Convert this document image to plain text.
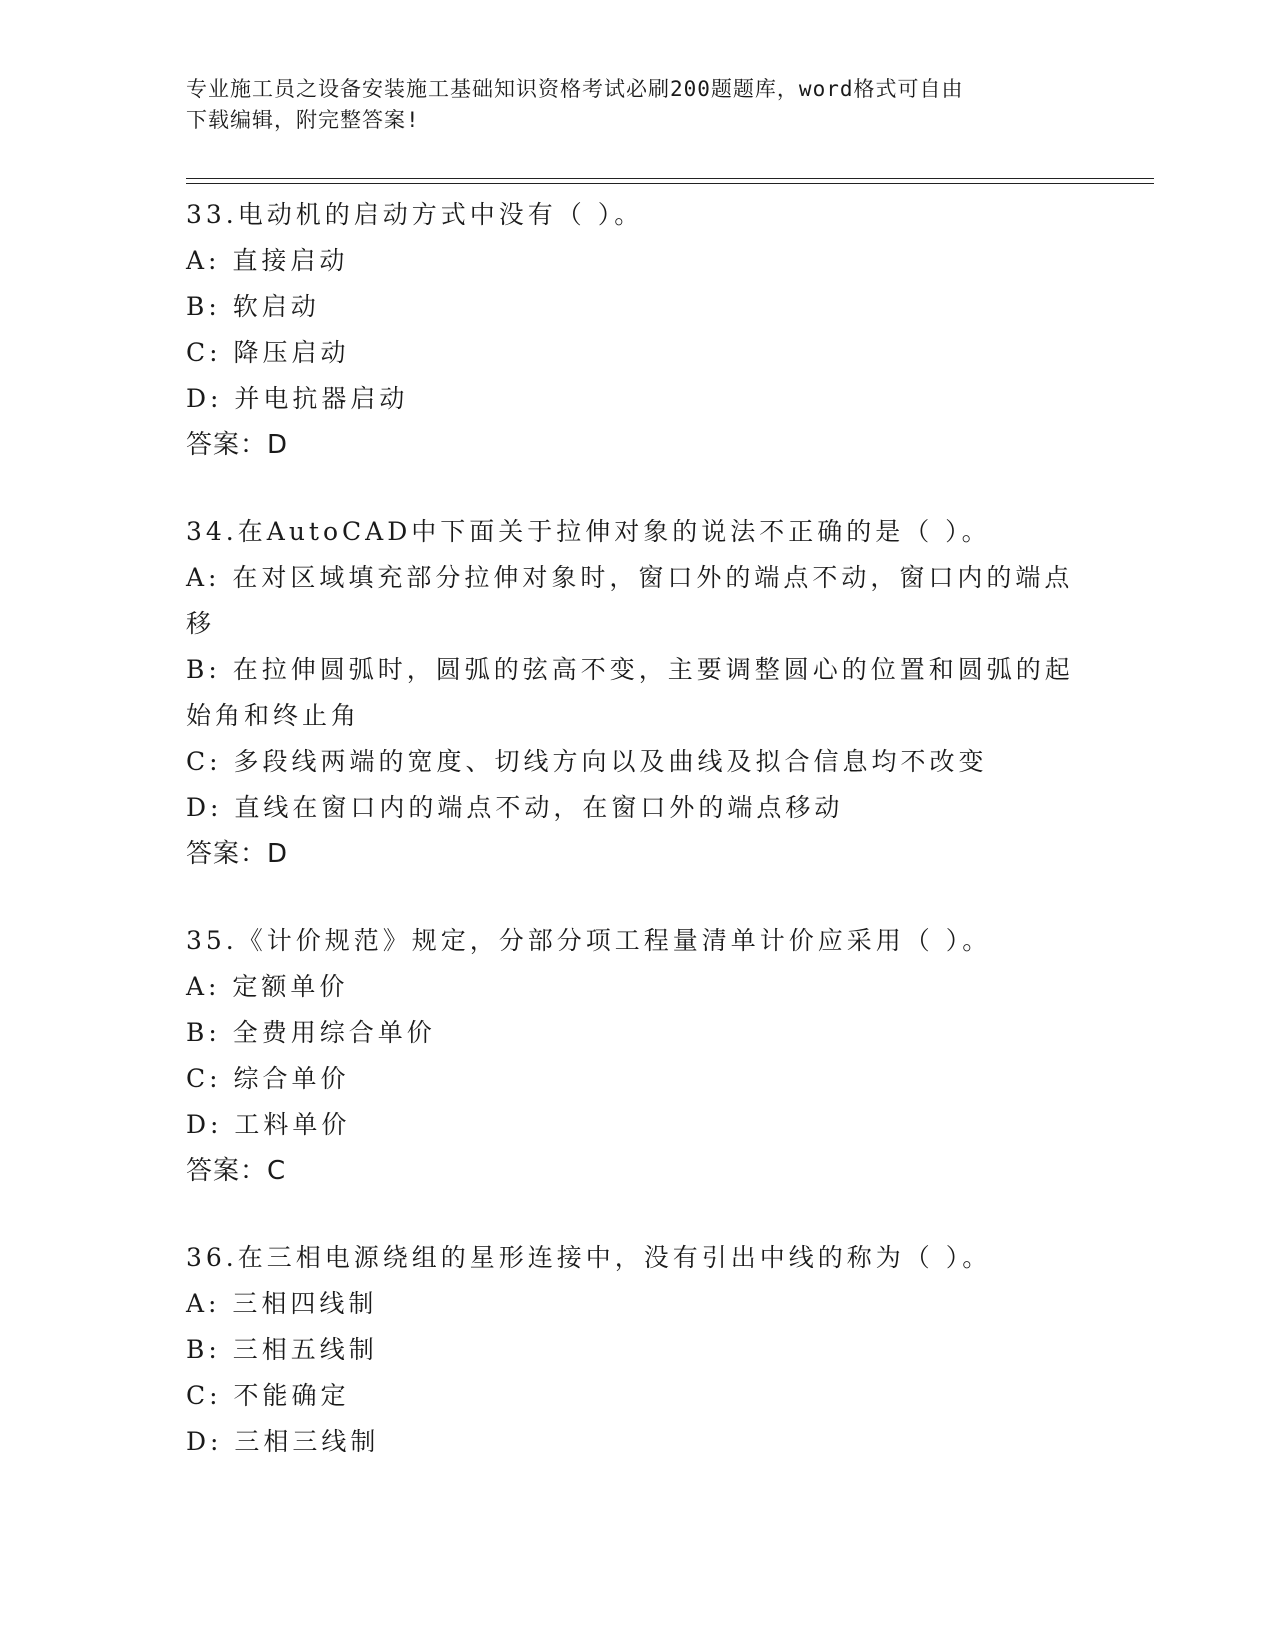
专业施工员之设备安装施工基础知识资格考试必刷200题题库，word格式可自由
下载编辑，附完整答案!
33.电动机的启动方式中没有（ ）。
A: 直接启动
B: 软启动
C: 降压启动
D: 并电抗器启动
答案：D
34.在AutoCAD中下面关于拉伸对象的说法不正确的是（ ）。
A: 在对区域填充部分拉伸对象时，窗口外的端点不动，窗口内的端点移
B: 在拉伸圆弧时，圆弧的弦高不变，主要调整圆心的位置和圆弧的起始角和终止角
C: 多段线两端的宽度、切线方向以及曲线及拟合信息均不改变
D: 直线在窗口内的端点不动，在窗口外的端点移动
答案：D
35.《计价规范》规定，分部分项工程量清单计价应采用（ ）。
A: 定额单价
B: 全费用综合单价
C: 综合单价
D: 工料单价
答案：C
36.在三相电源绕组的星形连接中，没有引出中线的称为（ ）。
A: 三相四线制
B: 三相五线制
C: 不能确定
D: 三相三线制
